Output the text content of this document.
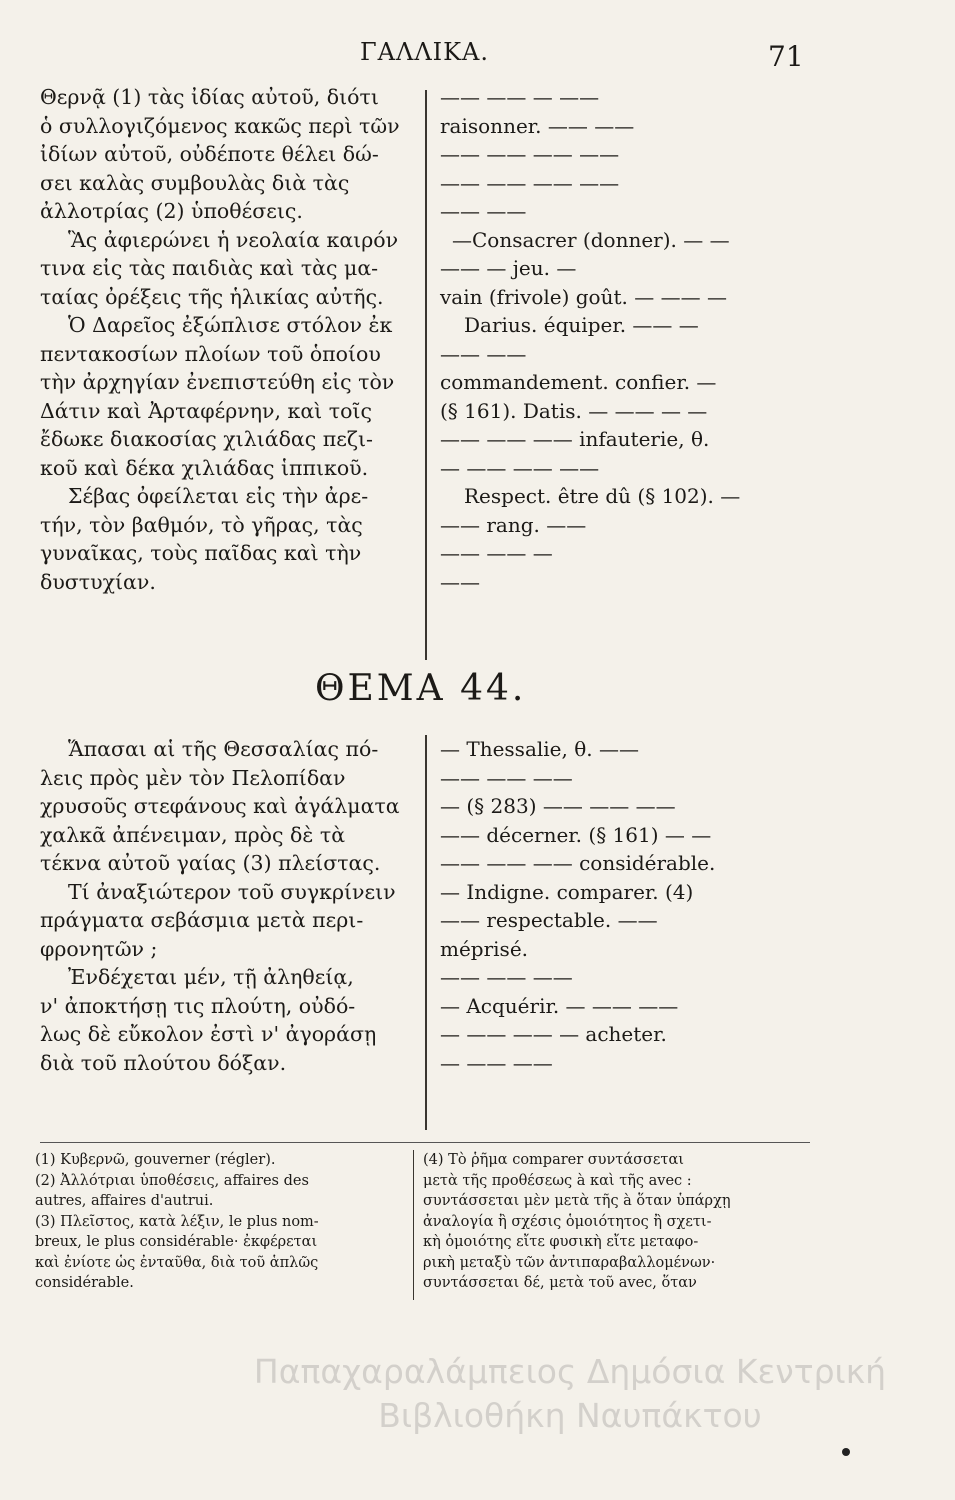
ΓΑΛΛΙΚΑ.	71
Θερνᾷ (1) τὰς ἰδίας αὐτοῦ, διότι
ὁ συλλογιζόμενος κακῶς περὶ τῶν
ἰδίων αὐτοῦ, οὐδέποτε θέλει δώ-
σει καλὰς συμβουλὰς διὰ τὰς
ἀλλοτρίας (2) ὑποθέσεις.
Ἃς ἀφιερώνει ἡ νεολαία καιρόν
τινα εἰς τὰς παιδιὰς καὶ τὰς μα-
ταίας ὀρέξεις τῆς ἡλικίας αὐτῆς.
Ὁ Δαρεῖος ἐξώπλισε στόλον ἐκ
πεντακοσίων πλοίων τοῦ ὁποίου
τὴν ἀρχηγίαν ἐνεπιστεύθη εἰς τὸν
Δάτιν καὶ Ἀρταφέρνην, καὶ τοῖς
ἔδωκε διακοσίας χιλιάδας πεζι-
κοῦ καὶ δέκα χιλιάδας ἱππικοῦ.
Σέβας ὀφείλεται εἰς τὴν ἀρε-
τήν, τὸν βαθμόν, τὸ γῆρας, τὰς
γυναῖκας, τοὺς παῖδας καὶ τὴν
δυστυχίαν.
—— —— — ——
raisonner. —— ——
—— —— —— ——
—— —— —— ——
—— ——
—Consacrer (donner). — —
—— — jeu. —
vain (frivole) goût. — —— —
Darius. équiper. —— —
—— ——
commandement. confier. —
(§ 161). Datis. — —— — —
—— —— —— infauterie, θ.
— —— —— ——
Respect. être dû (§ 102). —
—— rang. ——
—— —— —
——
ΘΕΜΑ 44.
Ἅπασαι αἱ τῆς Θεσσαλίας πό-
λεις πρὸς μὲν τὸν Πελοπίδαν
χρυσοῦς στεφάνους καὶ ἀγάλματα
χαλκᾶ ἀπένειμαν, πρὸς δὲ τὰ
τέκνα αὐτοῦ γαίας (3) πλείστας.
Τί ἀναξιώτερον τοῦ συγκρίνειν
πράγματα σεβάσμια μετὰ περι-
φρονητῶν ;
Ἐνδέχεται μέν, τῇ ἀληθείᾳ,
ν' ἀποκτήσῃ τις πλούτη, οὐδό-
λως δὲ εὔκολον ἐστὶ ν' ἀγοράσῃ
διὰ τοῦ πλούτου δόξαν.
— Thessalie, θ. ——
—— —— ——
— (§ 283) —— —— ——
—— décerner. (§ 161) — —
—— —— —— considérable.
— Indigne. comparer. (4)
—— respectable. ——
méprisé.
—— —— ——
— Acquérir. — —— ——
— —— —— — acheter.
— —— ——
(1) Κυβερνῶ, gouverner (régler).
(2) Ἀλλότριαι ὑποθέσεις, affaires des
autres, affaires d'autrui.
(3) Πλεῖστος, κατὰ λέξιν, le plus nom-
breux, le plus considérable· ἐκφέρεται
καὶ ἐνίοτε ὡς ἐνταῦθα, διὰ τοῦ ἁπλῶς
considérable.
(4) Τὸ ῥῆμα comparer συντάσσεται
μετὰ τῆς προθέσεως à καὶ τῆς avec :
συντάσσεται μὲν μετὰ τῆς à ὅταν ὑπάρχῃ
ἀναλογία ἢ σχέσις ὁμοιότητος ἢ σχετι-
κὴ ὁμοιότης εἴτε φυσικὴ εἴτε μεταφο-
ρικὴ μεταξὺ τῶν ἀντιπαραβαλλομένων·
συντάσσεται δέ, μετὰ τοῦ avec, ὅταν
Παπαχαραλάμπειος Δημόσια Κεντρική
Βιβλιοθήκη Ναυπάκτου
